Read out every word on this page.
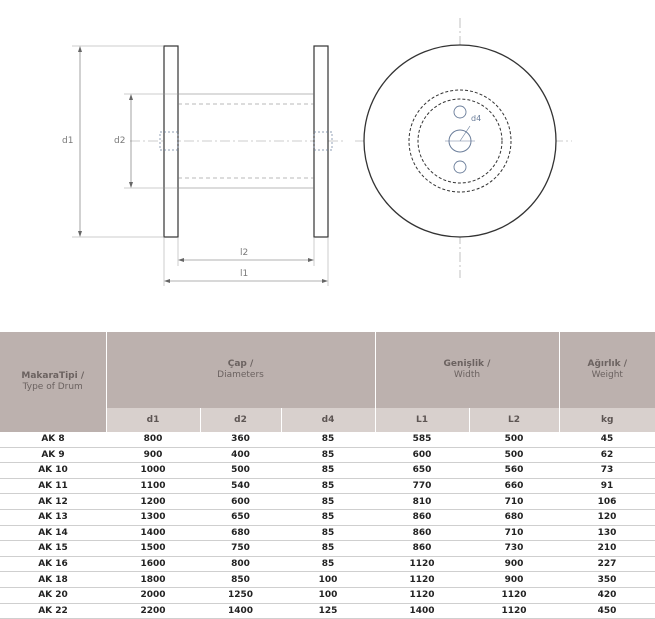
d1	d2
l2
l1
d4
MakaraTipi /
Type of Drum	Çap /
Diameters			Genişlik /
Width		Ağırlık /
Weight
	d1	d2	d4	L1	L2	kg
AK 8	800	360	85	585	500	45
AK 9	900	400	85	600	500	62
AK 10	1000	500	85	650	560	73
AK 11	1100	540	85	770	660	91
AK 12	1200	600	85	810	710	106
AK 13	1300	650	85	860	680	120
AK 14	1400	680	85	860	710	130
AK 15	1500	750	85	860	730	210
AK 16	1600	800	85	1120	900	227
AK 18	1800	850	100	1120	900	350
AK 20	2000	1250	100	1120	1120	420
AK 22	2200	1400	125	1400	1120	450
